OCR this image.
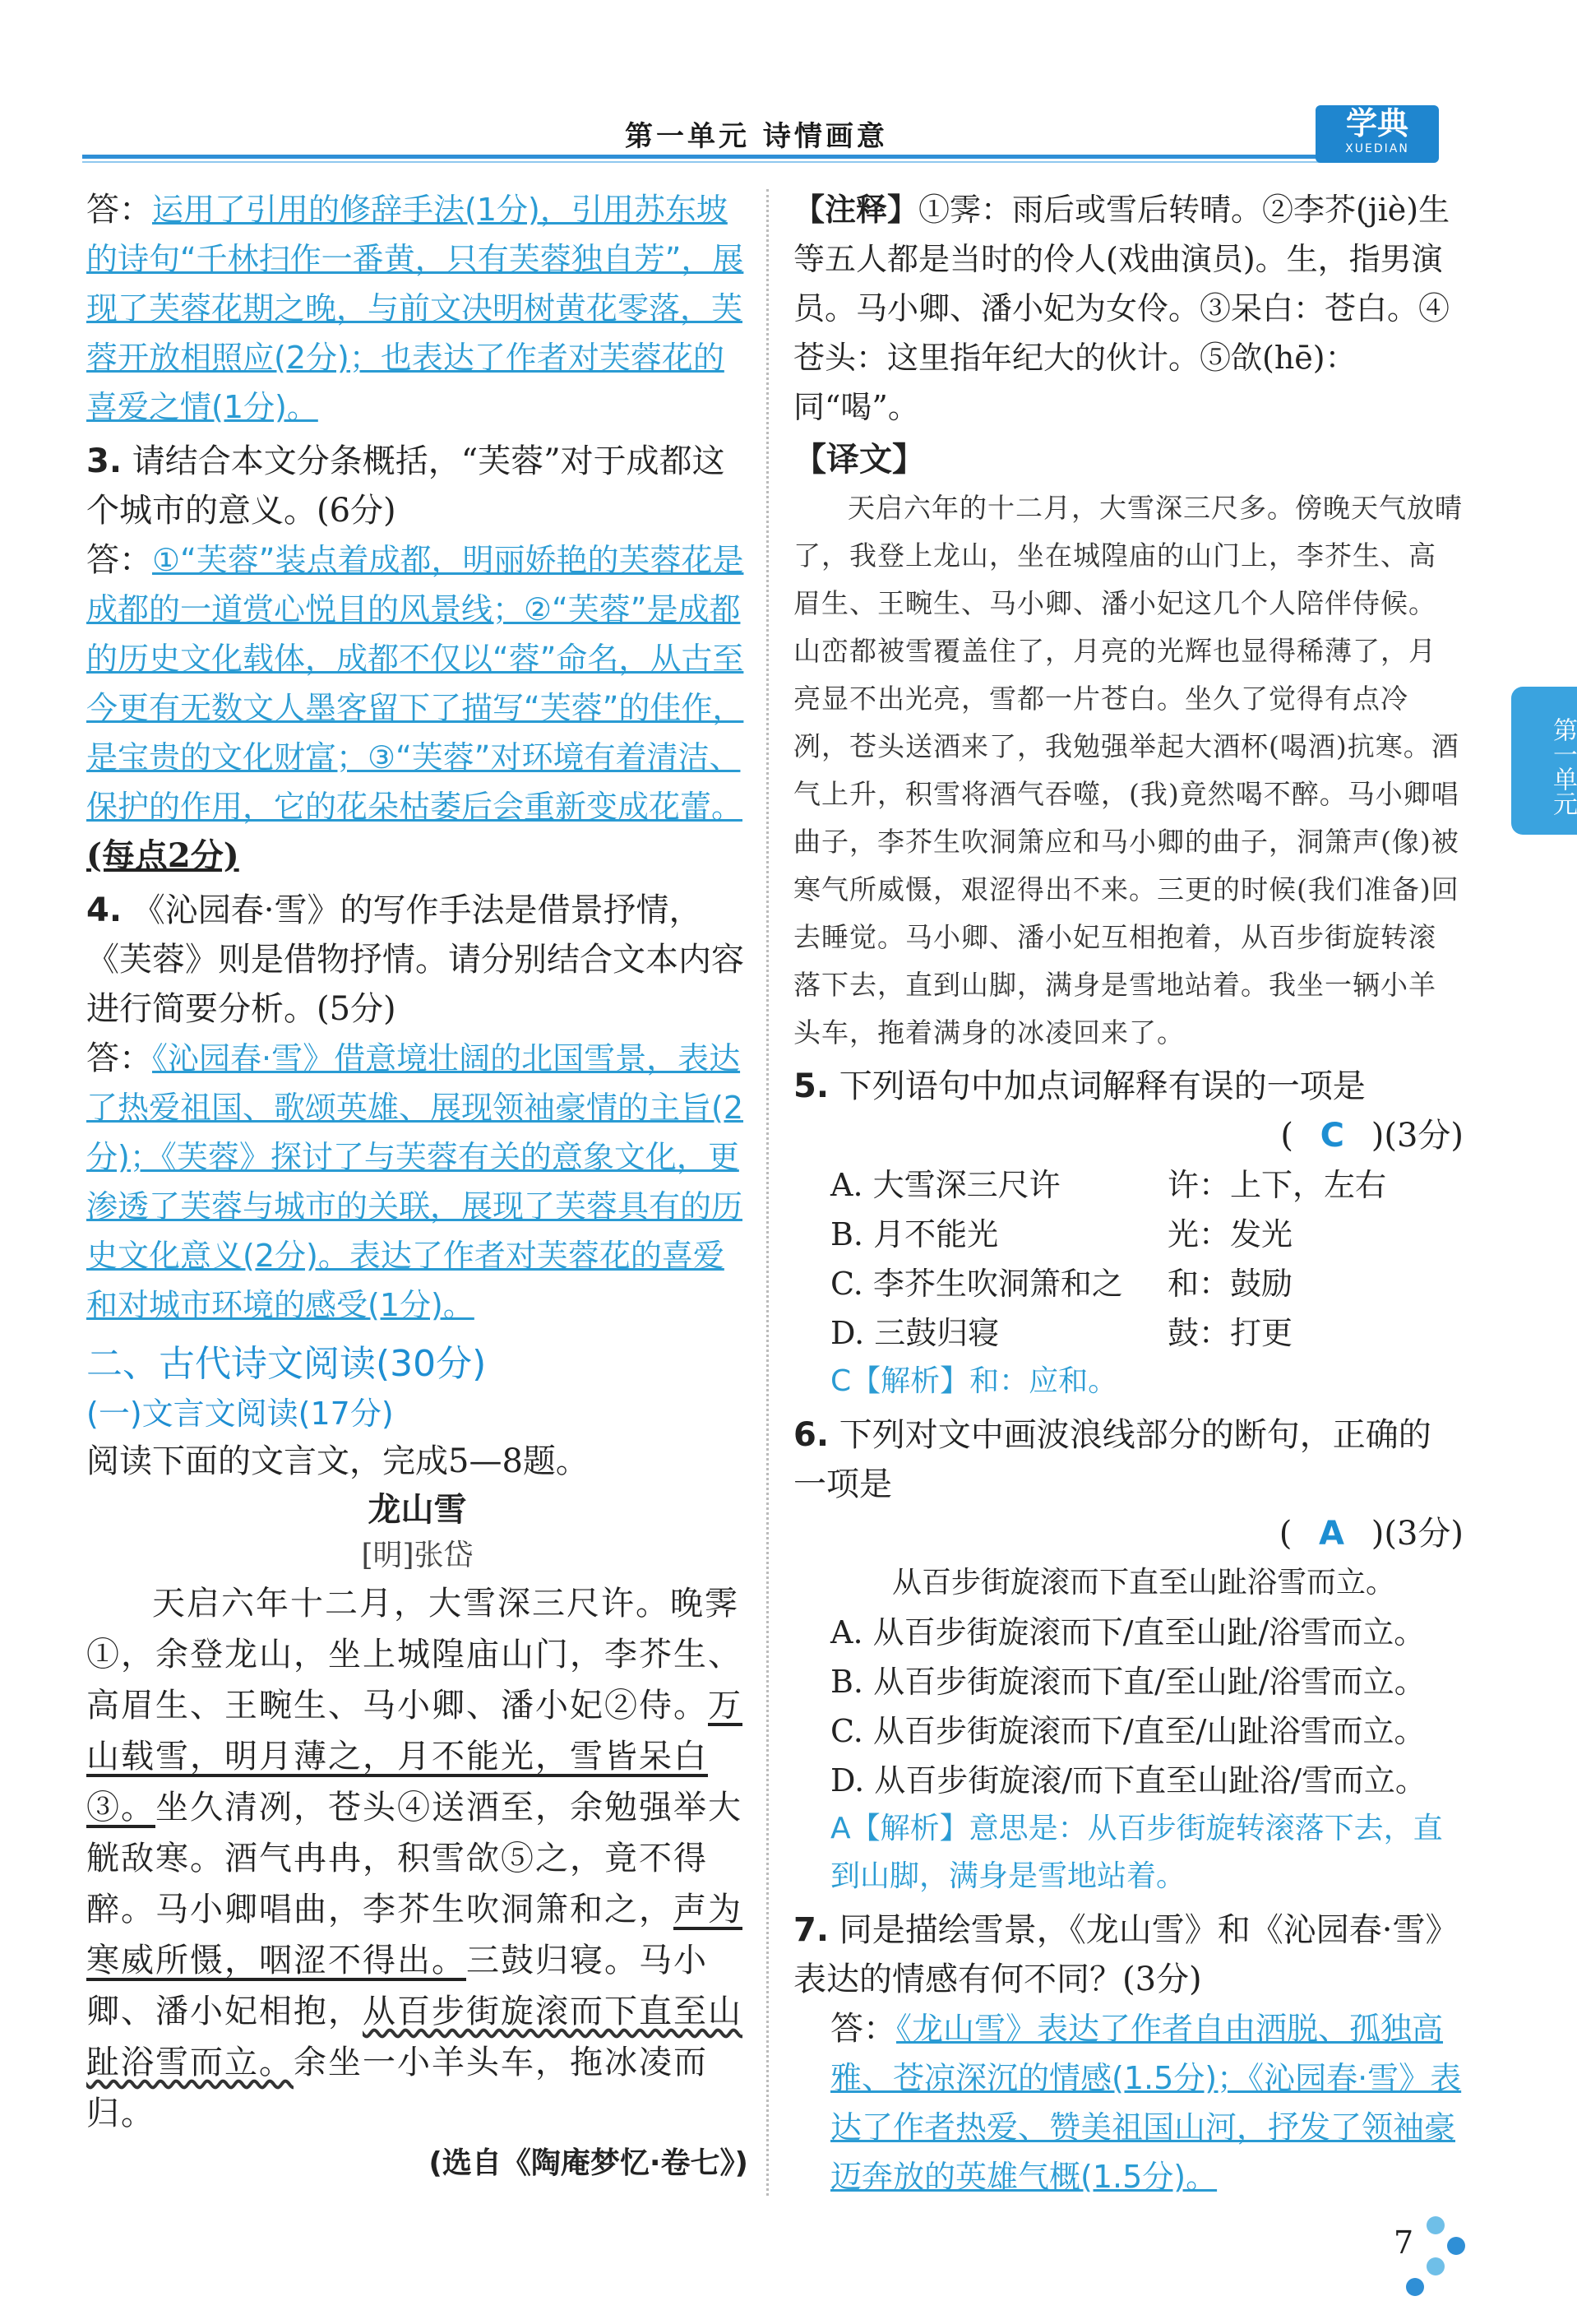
第一单元 诗情画意	学典
XUEDIAN
答：运用了引用的修辞手法(1分)，引用苏东坡的诗句“千林扫作一番黄，只有芙蓉独自芳”，展现了芙蓉花期之晚，与前文决明树黄花零落，芙蓉开放相照应(2分)；也表达了作者对芙蓉花的喜爱之情(1分)。
3. 请结合本文分条概括，“芙蓉”对于成都这个城市的意义。(6分)
答：①“芙蓉”装点着成都，明丽娇艳的芙蓉花是成都的一道赏心悦目的风景线；②“芙蓉”是成都的历史文化载体，成都不仅以“蓉”命名，从古至今更有无数文人墨客留下了描写“芙蓉”的佳作，是宝贵的文化财富；③“芙蓉”对环境有着清洁、保护的作用，它的花朵枯萎后会重新变成花蕾。(每点2分)
4. 《沁园春·雪》的写作手法是借景抒情，《芙蓉》则是借物抒情。请分别结合文本内容进行简要分析。(5分)
答：《沁园春·雪》借意境壮阔的北国雪景，表达了热爱祖国、歌颂英雄、展现领袖豪情的主旨(2分)；《芙蓉》探讨了与芙蓉有关的意象文化，更渗透了芙蓉与城市的关联，展现了芙蓉具有的历史文化意义(2分)。表达了作者对芙蓉花的喜爱和对城市环境的感受(1分)。
二、古代诗文阅读(30分)
(一)文言文阅读(17分)
阅读下面的文言文，完成5—8题。
龙山雪
[明]张岱
天启六年十二月，大雪深三尺许。晚霁①，余登龙山，坐上城隍庙山门，李芥生、高眉生、王畹生、马小卿、潘小妃②侍。万山载雪，明月薄之，月不能光，雪皆呆白③。坐久清冽，苍头④送酒至，余勉强举大觥敌寒。酒气冉冉，积雪欱⑤之，竟不得醉。马小卿唱曲，李芥生吹洞箫和之，声为寒威所慑，咽涩不得出。三鼓归寝。马小卿、潘小妃相抱，从百步街旋滚而下直至山趾浴雪而立。余坐一小羊头车，拖冰凌而归。
(选自《陶庵梦忆·卷七》)
【注释】①霁：雨后或雪后转晴。②李芥(jiè)生等五人都是当时的伶人(戏曲演员)。生，指男演员。马小卿、潘小妃为女伶。③呆白：苍白。④苍头：这里指年纪大的伙计。⑤欱(hē)：同“喝”。
【译文】
天启六年的十二月，大雪深三尺多。傍晚天气放晴了，我登上龙山，坐在城隍庙的山门上，李芥生、高眉生、王畹生、马小卿、潘小妃这几个人陪伴侍候。山峦都被雪覆盖住了，月亮的光辉也显得稀薄了，月亮显不出光亮，雪都一片苍白。坐久了觉得有点冷冽，苍头送酒来了，我勉强举起大酒杯(喝酒)抗寒。酒气上升，积雪将酒气吞噬，(我)竟然喝不醉。马小卿唱曲子，李芥生吹洞箫应和马小卿的曲子，洞箫声(像)被寒气所威慑，艰涩得出不来。三更的时候(我们准备)回去睡觉。马小卿、潘小妃互相抱着，从百步街旋转滚落下去，直到山脚，满身是雪地站着。我坐一辆小羊头车，拖着满身的冰凌回来了。
5. 下列语句中加点词解释有误的一项是
( C )(3分)
A. 大雪深三尺许	许：上下，左右
B. 月不能光	光：发光
C. 李芥生吹洞箫和之	和：鼓励
D. 三鼓归寝	鼓：打更
C【解析】和：应和。
6. 下列对文中画波浪线部分的断句，正确的一项是
( A )(3分)
从百步街旋滚而下直至山趾浴雪而立。
A. 从百步街旋滚而下/直至山趾/浴雪而立。
B. 从百步街旋滚而下直/至山趾/浴雪而立。
C. 从百步街旋滚而下/直至/山趾浴雪而立。
D. 从百步街旋滚/而下直至山趾浴/雪而立。
A【解析】意思是：从百步街旋转滚落下去，直到山脚，满身是雪地站着。
7. 同是描绘雪景，《龙山雪》和《沁园春·雪》表达的情感有何不同？(3分)
答：《龙山雪》表达了作者自由洒脱、孤独高雅、苍凉深沉的情感(1.5分)；《沁园春·雪》表达了作者热爱、赞美祖国山河，抒发了领袖豪迈奔放的英雄气概(1.5分)。
第一单元
7
